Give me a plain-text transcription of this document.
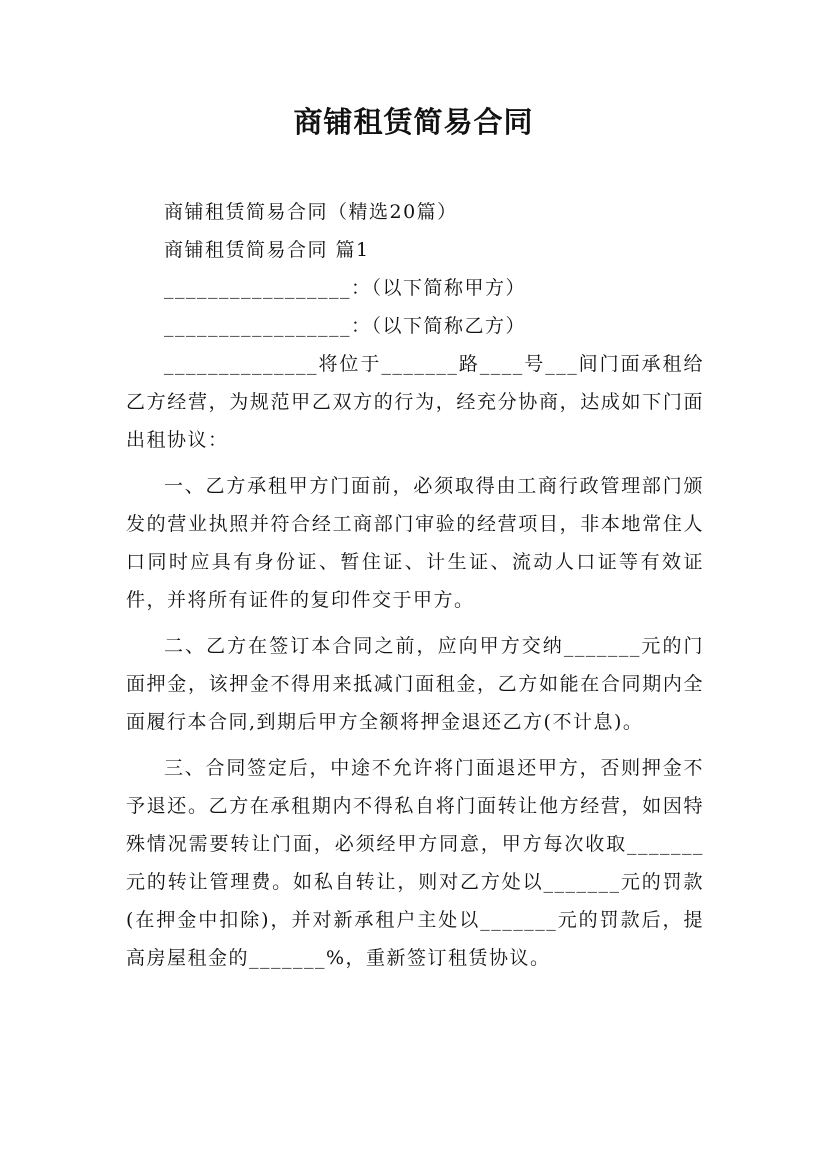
商铺租赁简易合同

商铺租赁简易合同（精选20篇）

商铺租赁简易合同 篇1

_________________：（以下简称甲方）

_________________：（以下简称乙方）

______________将位于_______路____号___间门面承租给乙方经营，为规范甲乙双方的行为，经充分协商，达成如下门面出租协议：

一、乙方承租甲方门面前，必须取得由工商行政管理部门颁发的营业执照并符合经工商部门审验的经营项目，非本地常住人口同时应具有身份证、暂住证、计生证、流动人口证等有效证件，并将所有证件的复印件交于甲方。

二、乙方在签订本合同之前，应向甲方交纳_______元的门面押金，该押金不得用来抵减门面租金，乙方如能在合同期内全面履行本合同,到期后甲方全额将押金退还乙方(不计息)。

三、合同签定后，中途不允许将门面退还甲方，否则押金不予退还。乙方在承租期内不得私自将门面转让他方经营，如因特殊情况需要转让门面，必须经甲方同意，甲方每次收取_______元的转让管理费。如私自转让，则对乙方处以_______元的罚款(在押金中扣除)，并对新承租户主处以_______元的罚款后，提高房屋租金的_______%，重新签订租赁协议。
